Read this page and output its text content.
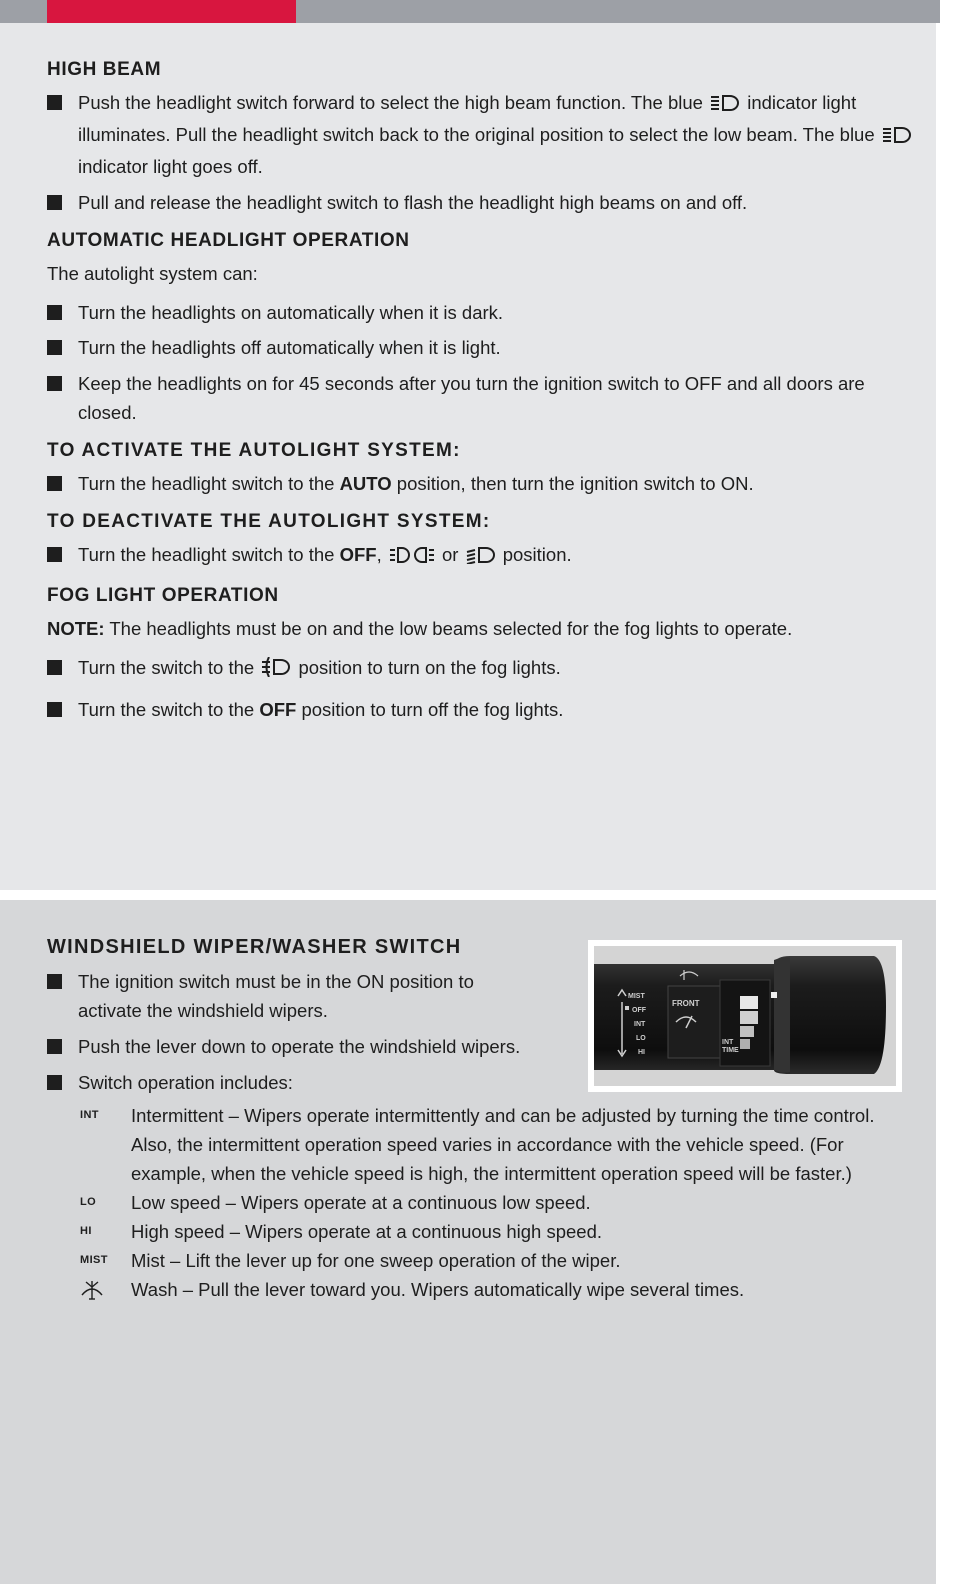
HIGH BEAM
Push the headlight switch forward to select the high beam function. The blue indicator light illuminates. Pull the headlight switch back to the original position to select the low beam. The blue  indicator light goes off.
Pull and release the headlight switch to flash the headlight high beams on and off.
AUTOMATIC HEADLIGHT OPERATION
The autolight system can:
Turn the headlights on automatically when it is dark.
Turn the headlights off automatically when it is light.
Keep the headlights on for 45 seconds after you turn the ignition switch to OFF and all doors are closed.
TO ACTIVATE THE AUTOLIGHT SYSTEM:
Turn the headlight switch to the AUTO position, then turn the ignition switch to ON.
TO DEACTIVATE THE AUTOLIGHT SYSTEM:
Turn the headlight switch to the OFF,	or position.
FOG LIGHT OPERATION
NOTE: The headlights must be on and the low beams selected for the fog lights to operate.
Turn the switch to the position to turn on the fog lights.
Turn the switch to the OFF position to turn off the fog lights.
WINDSHIELD WIPER/WASHER SWITCH
The ignition switch must be in the ON position to activate the windshield wipers.
Push the lever down to operate the windshield wipers.
Switch operation includes:
INT Intermittent – Wipers operate intermittently and can be adjusted by turning the time control. Also, the intermittent operation speed varies in accordance with the vehicle speed. (For example, when the vehicle speed is high, the intermittent operation speed will be faster.)
LO Low speed – Wipers operate at a continuous low speed.
HI High speed – Wipers operate at a continuous high speed.
MIST Mist – Lift the lever up for one sweep operation of the wiper.
Wash – Pull the lever toward you. Wipers automatically wipe several times.
MIST
OFF
INT
LO
HI
FRONT
INT
TIME
